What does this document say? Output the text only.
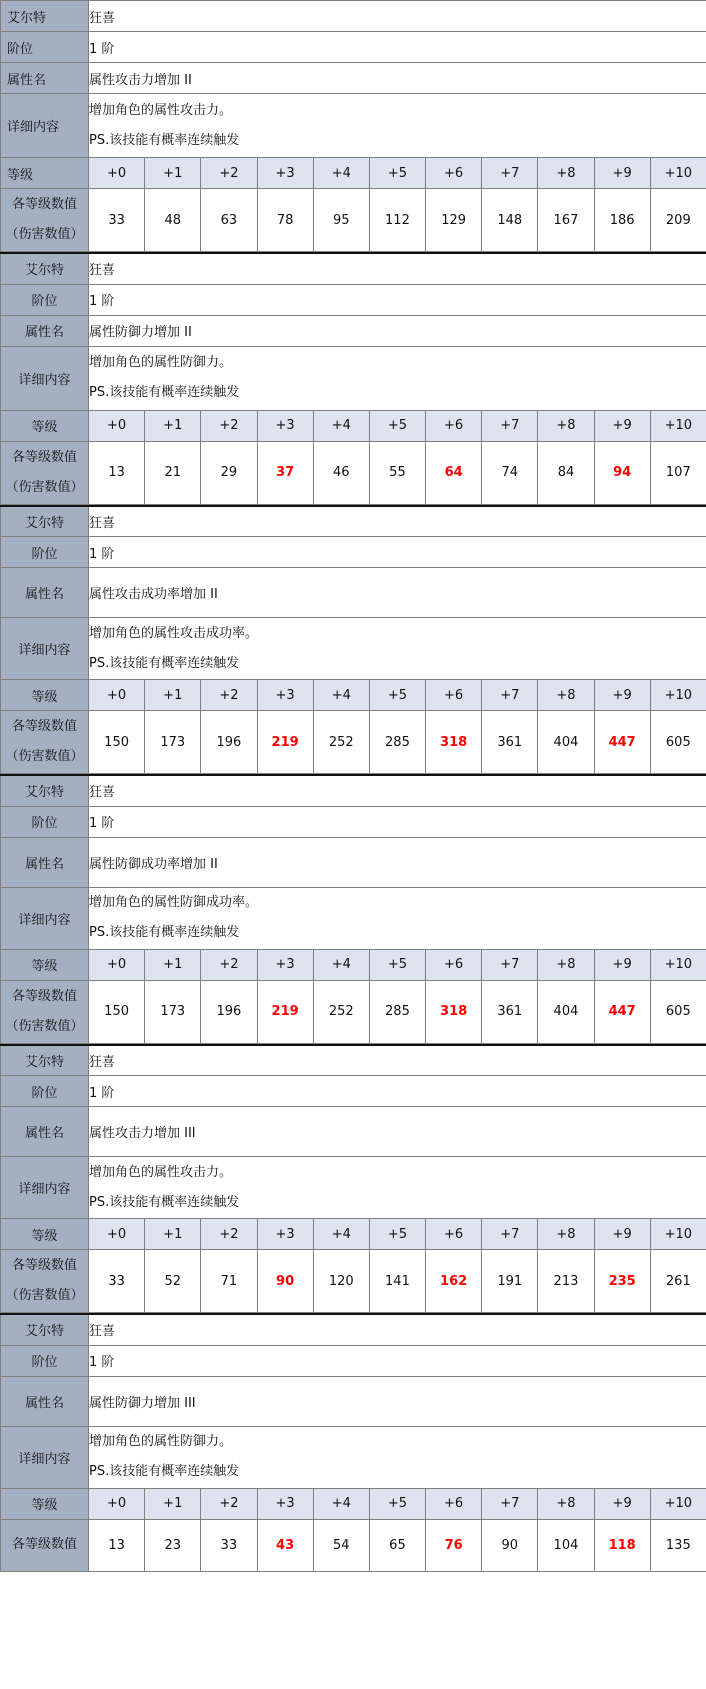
艾尔特	狂喜										
阶位	1 阶										
属性名	属性攻击力增加 II										
详细内容	增加角色的属性攻击力。
PS.该技能有概率连续触发										

等级	+0	+1	+2	+3	+4	+5	+6	+7	+8	+9	+10

各等级数值
（伤害数值）	33	48	63	78	95	112	129	148	167	186	209
艾尔特	狂喜										
阶位	1 阶										
属性名	属性防御力增加 II										
详细内容	增加角色的属性防御力。
PS.该技能有概率连续触发										

等级	+0	+1	+2	+3	+4	+5	+6	+7	+8	+9	+10

各等级数值
（伤害数值）	13	21	29	37	46	55	64	74	84	94	107
艾尔特	狂喜										
阶位	1 阶										
属性名	属性攻击成功率增加 II										
详细内容	增加角色的属性攻击成功率。
PS.该技能有概率连续触发										

等级	+0	+1	+2	+3	+4	+5	+6	+7	+8	+9	+10

各等级数值
（伤害数值）	150	173	196	219	252	285	318	361	404	447	605
艾尔特	狂喜										
阶位	1 阶										
属性名	属性防御成功率增加 II										
详细内容	增加角色的属性防御成功率。
PS.该技能有概率连续触发										

等级	+0	+1	+2	+3	+4	+5	+6	+7	+8	+9	+10

各等级数值
（伤害数值）	150	173	196	219	252	285	318	361	404	447	605
艾尔特	狂喜										
阶位	1 阶										
属性名	属性攻击力增加 III										
详细内容	增加角色的属性攻击力。
PS.该技能有概率连续触发										

等级	+0	+1	+2	+3	+4	+5	+6	+7	+8	+9	+10

各等级数值
（伤害数值）	33	52	71	90	120	141	162	191	213	235	261
艾尔特	狂喜										
阶位	1 阶										
属性名	属性防御力增加 III										
详细内容	增加角色的属性防御力。
PS.该技能有概率连续触发										

等级	+0	+1	+2	+3	+4	+5	+6	+7	+8	+9	+10

各等级数值	13	23	33	43	54	65	76	90	104	118	135
